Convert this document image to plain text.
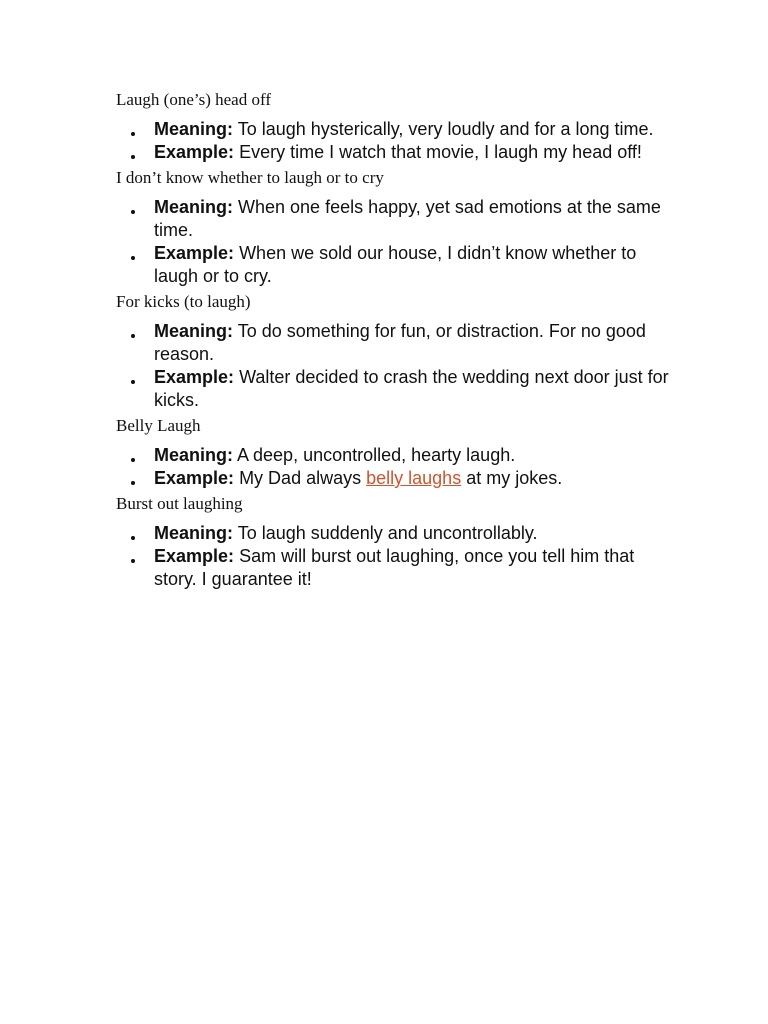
Laugh (one’s) head off

Meaning: To laugh hysterically, very loudly and for a long time.
Example: Every time I watch that movie, I laugh my head off!

I don’t know whether to laugh or to cry

Meaning: When one feels happy, yet sad emotions at the same time.
Example: When we sold our house, I didn’t know whether to laugh or to cry.

For kicks (to laugh)

Meaning: To do something for fun, or distraction. For no good reason.
Example: Walter decided to crash the wedding next door just for kicks.

Belly Laugh

Meaning: A deep, uncontrolled, hearty laugh.
Example: My Dad always belly laughs at my jokes.

Burst out laughing

Meaning: To laugh suddenly and uncontrollably.
Example: Sam will burst out laughing, once you tell him that story. I guarantee it!
